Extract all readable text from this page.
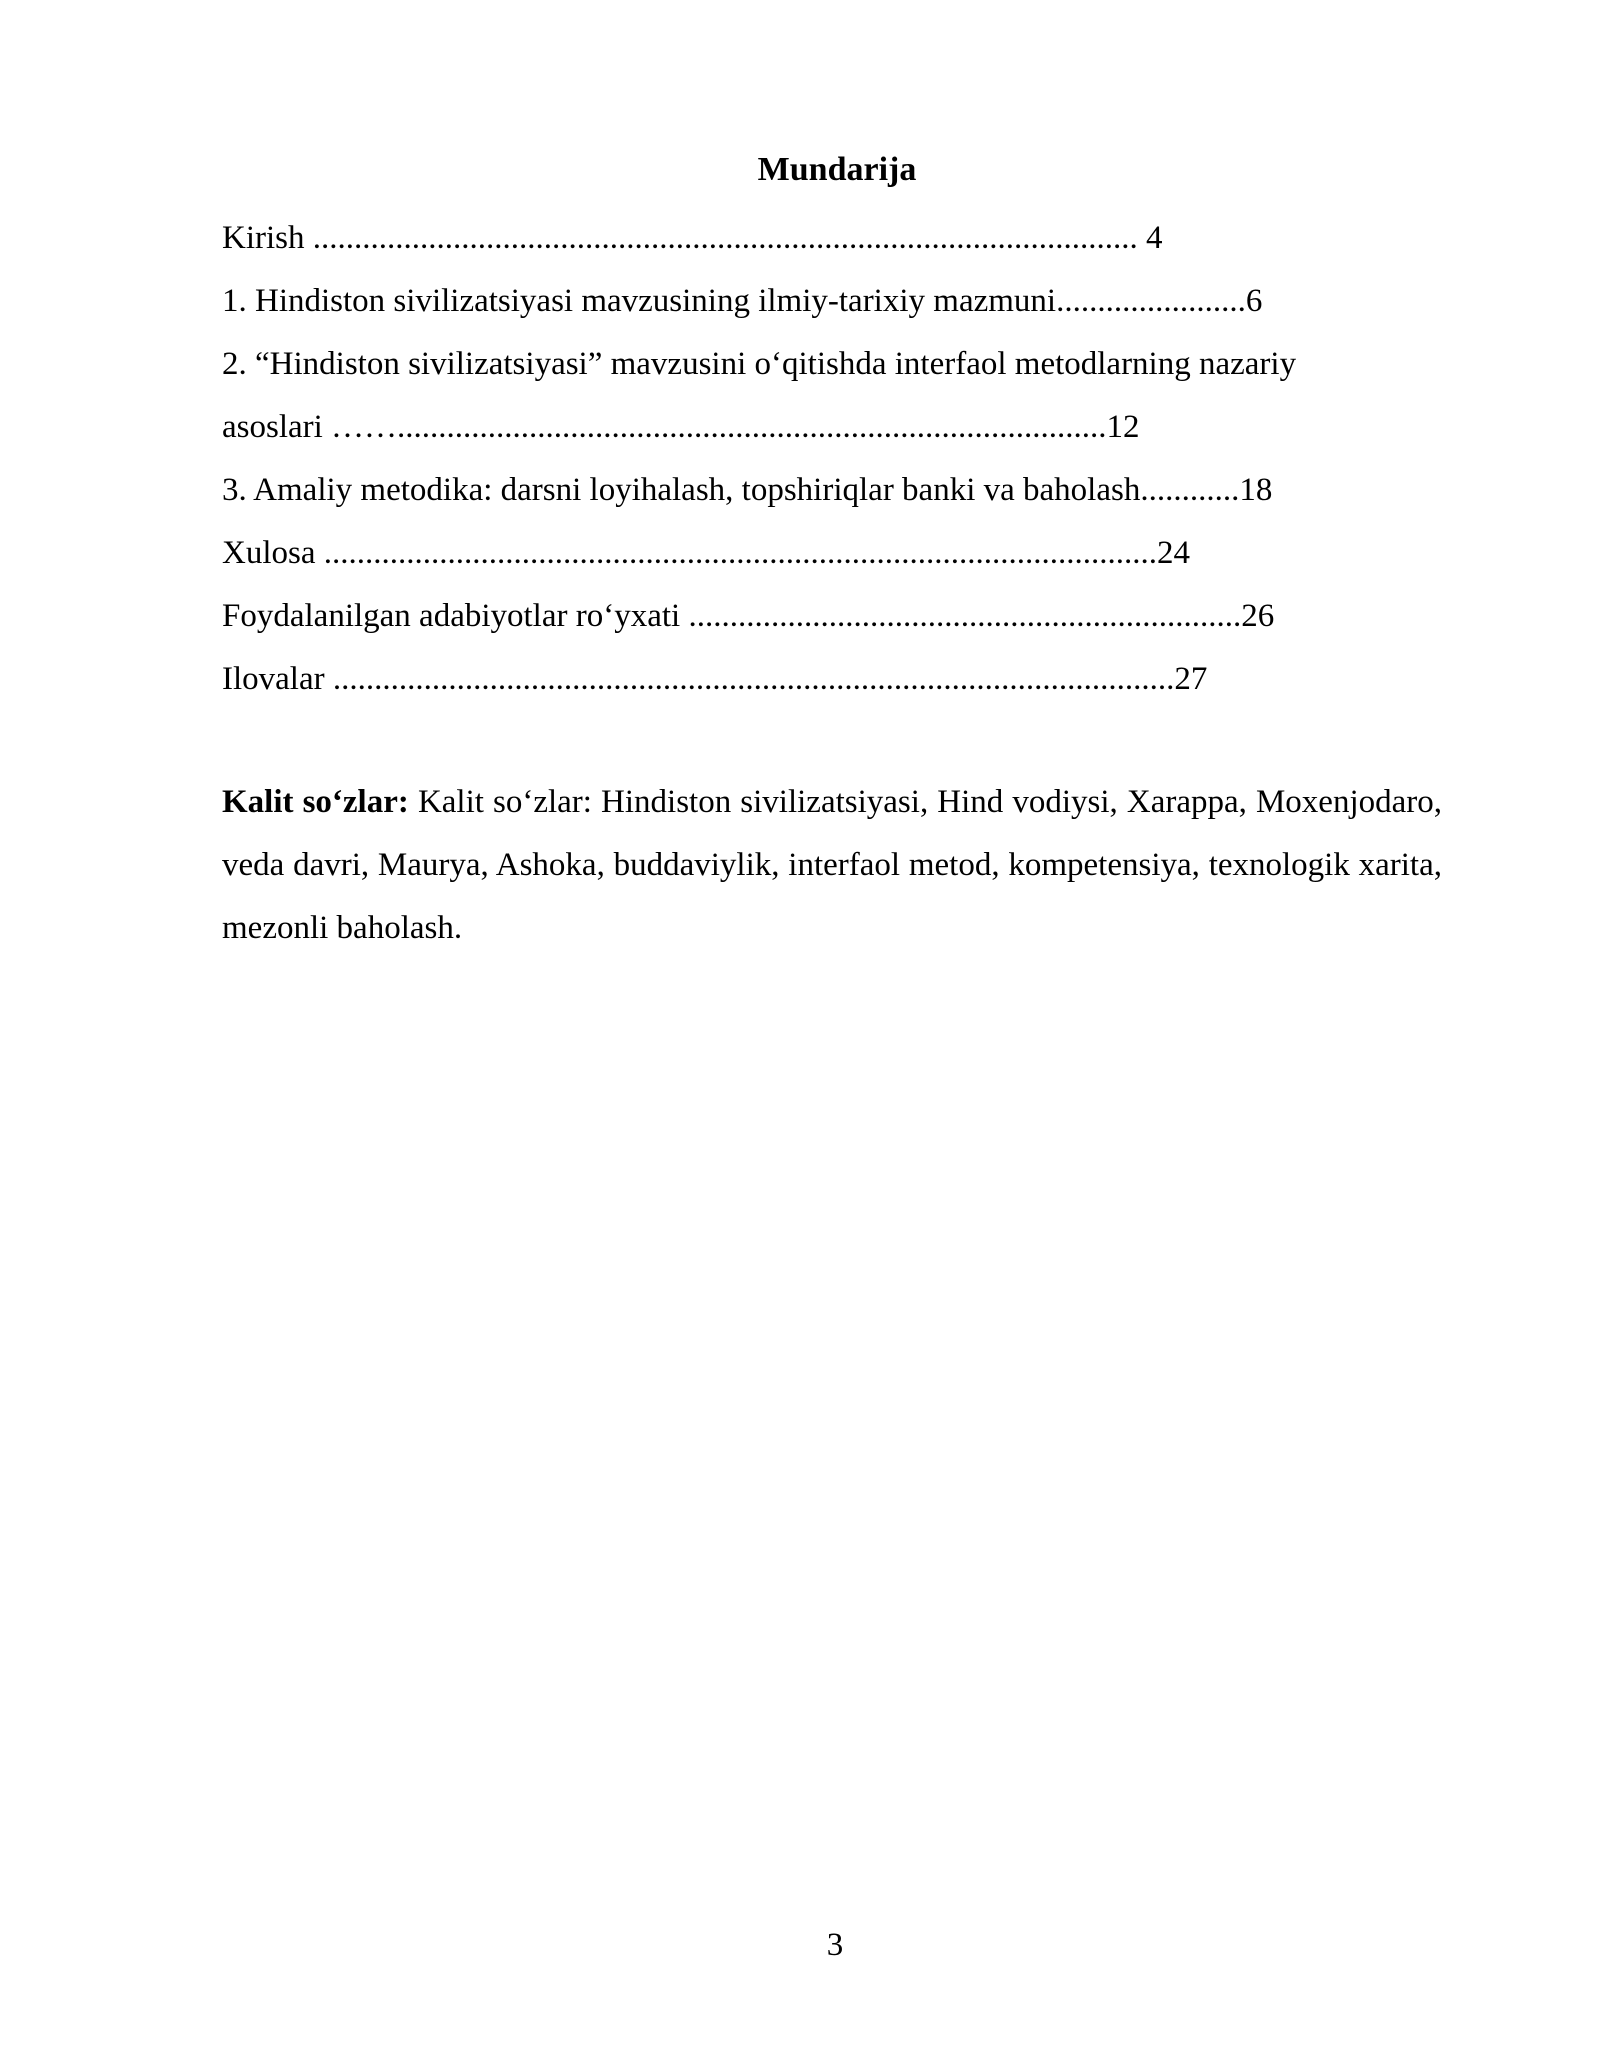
Mundarija

Kirish .................................................................................................... 4

1. Hindiston sivilizatsiyasi mavzusining ilmiy-tarixiy mazmuni.......................6

2. “Hindiston sivilizatsiyasi” mavzusini oʻqitishda interfaol metodlarning nazariy

asoslari ……......................................................................................12

3. Amaliy metodika: darsni loyihalash, topshiriqlar banki va baholash............18

Xulosa .....................................................................................................24

Foydalanilgan adabiyotlar roʻyxati ...................................................................26

Ilovalar ......................................................................................................27

Kalit soʻzlar: Kalit soʻzlar: Hindiston sivilizatsiyasi, Hind vodiysi, Xarappa, Moxenjodaro, veda davri, Maurya, Ashoka, buddaviylik, interfaol metod, kompetensiya, texnologik xarita, mezonli baholash.

3
